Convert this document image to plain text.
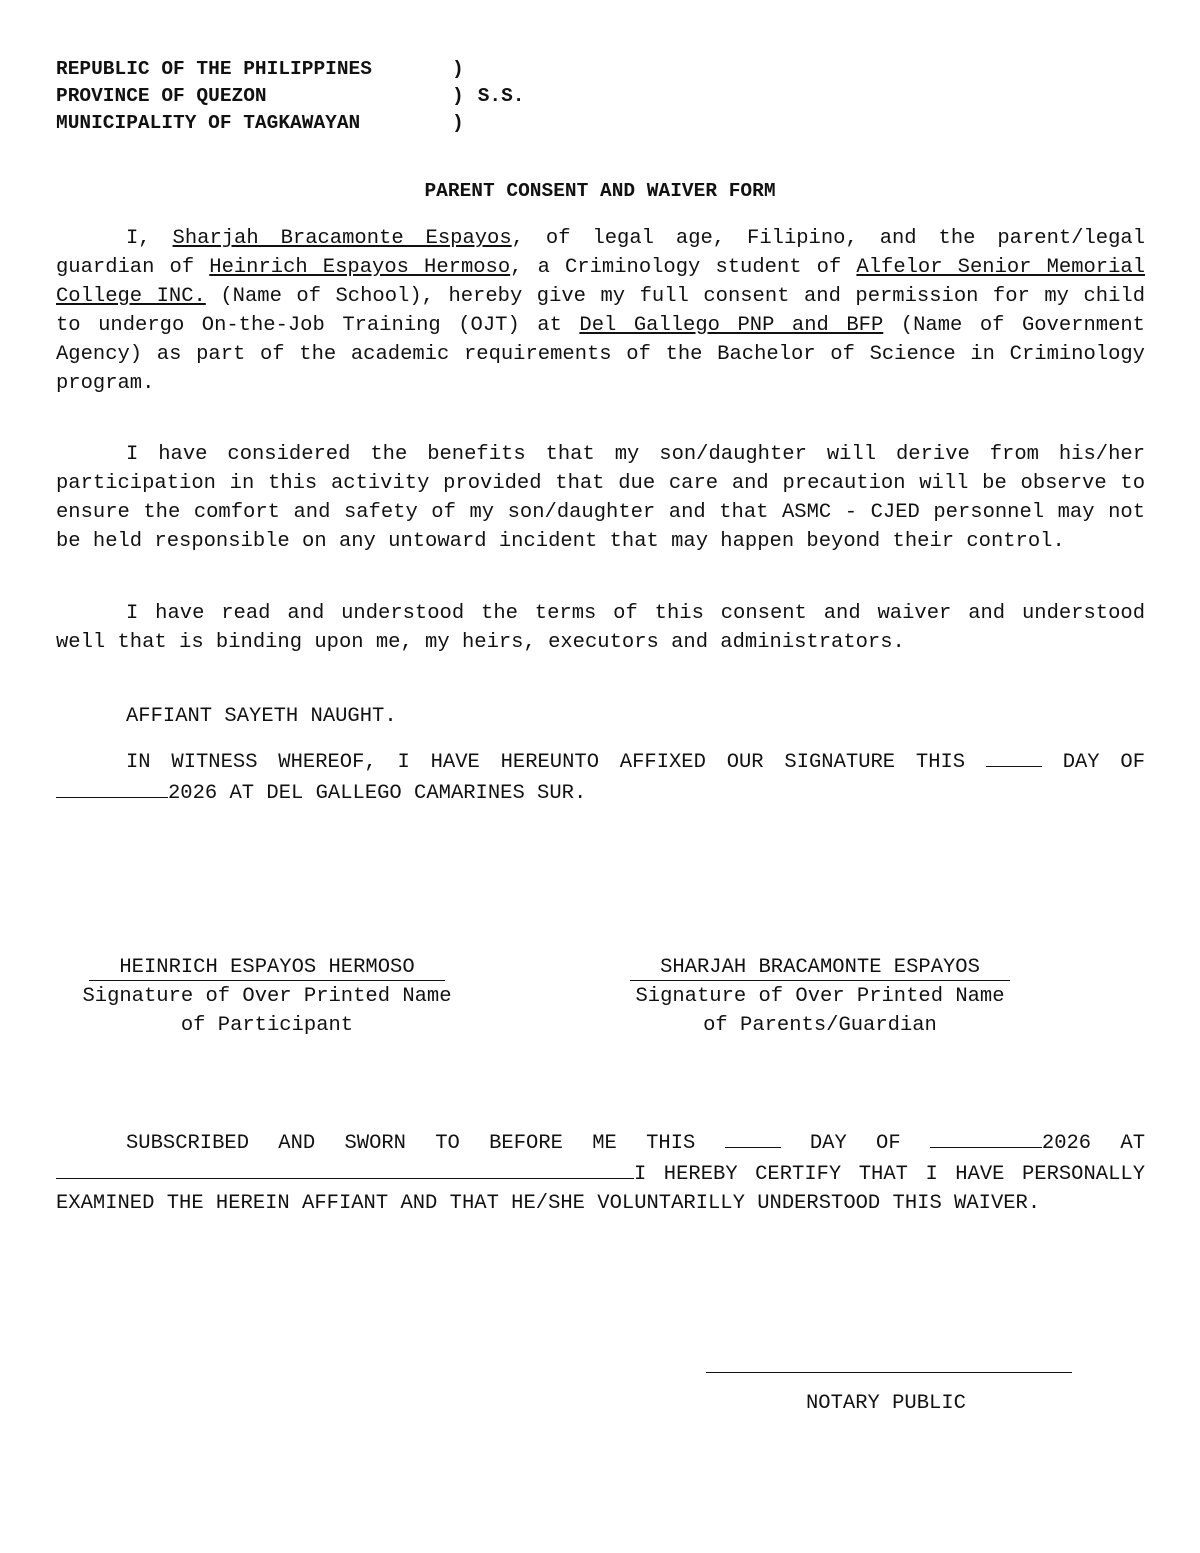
REPUBLIC OF THE PHILIPPINES	)
PROVINCE OF QUEZON	) S.S.
MUNICIPALITY OF TAGKAWAYAN	)
PARENT CONSENT AND WAIVER FORM
I, Sharjah Bracamonte Espayos, of legal age, Filipino, and the parent/legal guardian of Heinrich Espayos Hermoso, a Criminology student of Alfelor Senior Memorial College INC. (Name of School), hereby give my full consent and permission for my child to undergo On-the-Job Training (OJT) at Del Gallego PNP and BFP (Name of Government Agency) as part of the academic requirements of the Bachelor of Science in Criminology program.
I have considered the benefits that my son/daughter will derive from his/her participation in this activity provided that due care and precaution will be observe to ensure the comfort and safety of my son/daughter and that ASMC - CJED personnel may not be held responsible on any untoward incident that may happen beyond their control.
I have read and understood the terms of this consent and waiver and understood well that is binding upon me, my heirs, executors and administrators.
AFFIANT SAYETH NAUGHT.
IN WITNESS WHEREOF, I HAVE HEREUNTO AFFIXED OUR SIGNATURE THIS	DAY OF 2026 AT DEL GALLEGO CAMARINES SUR.
HEINRICH ESPAYOS HERMOSO
Signature of Over Printed Name
of Participant
SHARJAH BRACAMONTE ESPAYOS
Signature of Over Printed Name
of Parents/Guardian
SUBSCRIBED AND SWORN TO BEFORE ME THIS	DAY OF	2026 AT I HEREBY CERTIFY THAT I HAVE PERSONALLY EXAMINED THE HEREIN AFFIANT AND THAT HE/SHE VOLUNTARILLY UNDERSTOOD THIS WAIVER.
NOTARY PUBLIC
